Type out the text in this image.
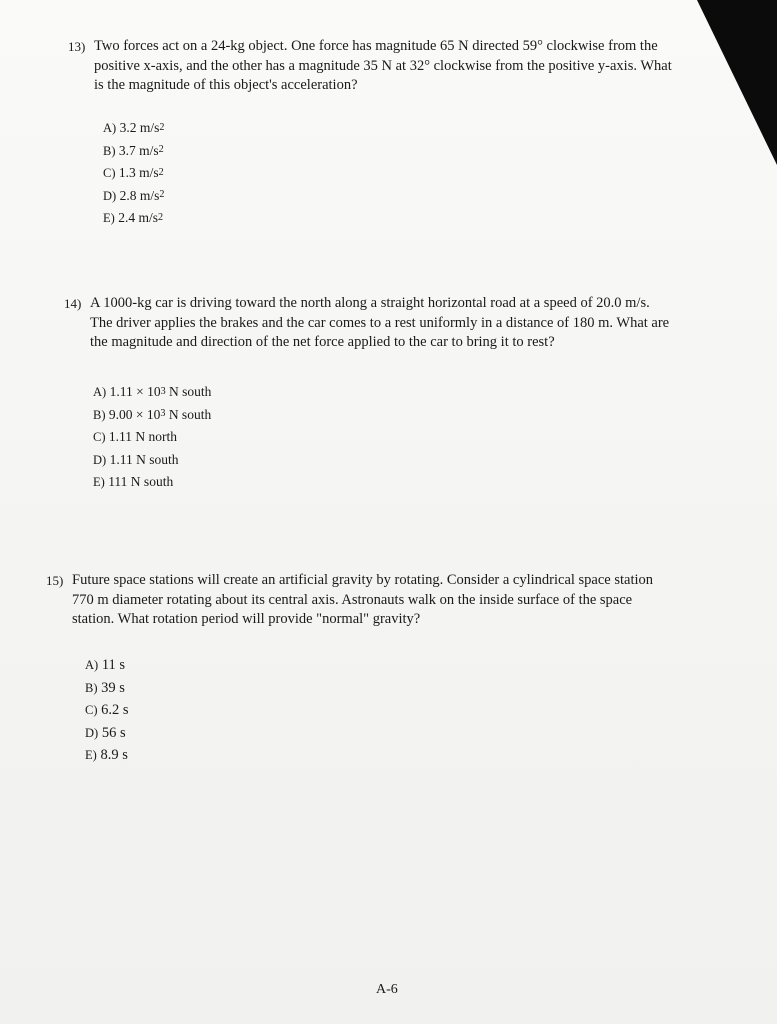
13) Two forces act on a 24-kg object. One force has magnitude 65 N directed 59° clockwise from the
positive x-axis, and the other has a magnitude 35 N at 32° clockwise from the positive y-axis. What
is the magnitude of this object's acceleration?
A) 3.2 $m/s^2$
B) 3.7 $m/s^2$
C) 1.3 $m/s^2$
D) 2.8 $m/s^2$
E) 2.4 $m/s^2$
14) A 1000-kg car is driving toward the north along a straight horizontal road at a speed of 20.0 m/s.
The driver applies the brakes and the car comes to a rest uniformly in a distance of 180 m. What are
the magnitude and direction of the net force applied to the car to bring it to rest?
A) $1.11 \times 10^3$ N south
B) $9.00 \times 10^3$ N south
C) 1.11 N north
D) 1.11 N south
E) 111 N south
15) Future space stations will create an artificial gravity by rotating. Consider a cylindrical space station
770 m diameter rotating about its central axis. Astronauts walk on the inside surface of the space
station. What rotation period will provide "normal" gravity?
A) 11 s
B) 39 s
C) 6.2 s
D) 56 s
E) 8.9 s
A-6
